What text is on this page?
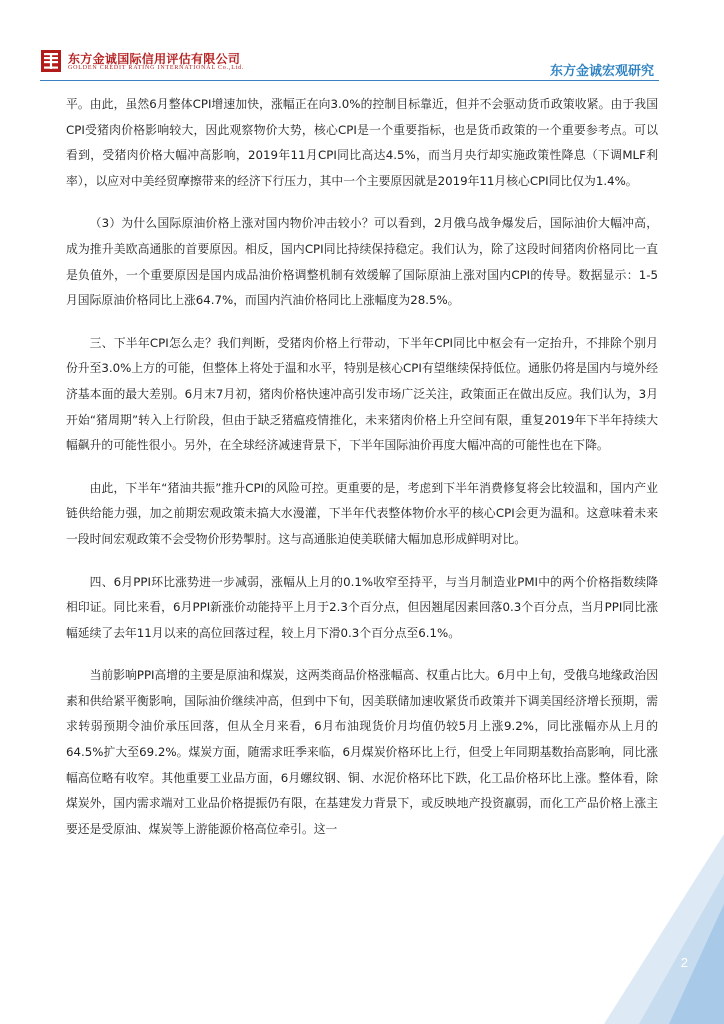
东方金诚国际信用评估有限公司
GOLDEN CREDIT RATING INTERNATIONAL Co.,Ltd.	东方金诚宏观研究

平。由此，虽然6月整体CPI增速加快，涨幅正在向3.0%的控制目标靠近，但并不会驱动货币政策收紧。由于我国CPI受猪肉价格影响较大，因此观察物价大势，核心CPI是一个重要指标，也是货币政策的一个重要参考点。可以看到，受猪肉价格大幅冲高影响，2019年11月CPI同比高达4.5%，而当月央行却实施政策性降息（下调MLF利率），以应对中美经贸摩擦带来的经济下行压力，其中一个主要原因就是2019年11月核心CPI同比仅为1.4%。

（3）为什么国际原油价格上涨对国内物价冲击较小？可以看到，2月俄乌战争爆发后，国际油价大幅冲高，成为推升美欧高通胀的首要原因。相反，国内CPI同比持续保持稳定。我们认为，除了这段时间猪肉价格同比一直是负值外，一个重要原因是国内成品油价格调整机制有效缓解了国际原油上涨对国内CPI的传导。数据显示：1-5月国际原油价格同比上涨64.7%，而国内汽油价格同比上涨幅度为28.5%。

三、下半年CPI怎么走？我们判断，受猪肉价格上行带动，下半年CPI同比中枢会有一定抬升，不排除个别月份升至3.0%上方的可能，但整体上将处于温和水平，特别是核心CPI有望继续保持低位。通胀仍将是国内与境外经济基本面的最大差别。6月末7月初，猪肉价格快速冲高引发市场广泛关注，政策面正在做出反应。我们认为，3月开始“猪周期”转入上行阶段，但由于缺乏猪瘟疫情推化，未来猪肉价格上升空间有限，重复2019年下半年持续大幅飙升的可能性很小。另外，在全球经济减速背景下，下半年国际油价再度大幅冲高的可能性也在下降。

由此，下半年“猪油共振”推升CPI的风险可控。更重要的是，考虑到下半年消费修复将会比较温和，国内产业链供给能力强，加之前期宏观政策未搞大水漫灌，下半年代表整体物价水平的核心CPI会更为温和。这意味着未来一段时间宏观政策不会受物价形势掣肘。这与高通胀迫使美联储大幅加息形成鲜明对比。

四、6月PPI环比涨势进一步减弱，涨幅从上月的0.1%收窄至持平，与当月制造业PMI中的两个价格指数续降相印证。同比来看，6月PPI新涨价动能持平上月于2.3个百分点，但因翘尾因素回落0.3个百分点，当月PPI同比涨幅延续了去年11月以来的高位回落过程，较上月下滑0.3个百分点至6.1%。

当前影响PPI高增的主要是原油和煤炭，这两类商品价格涨幅高、权重占比大。6月中上旬，受俄乌地缘政治因素和供给紧平衡影响，国际油价继续冲高，但到中下旬，因美联储加速收紧货币政策并下调美国经济增长预期，需求转弱预期令油价承压回落，但从全月来看，6月布油现货价月均值仍较5月上涨9.2%，同比涨幅亦从上月的64.5%扩大至69.2%。煤炭方面，随需求旺季来临，6月煤炭价格环比上行，但受上年同期基数抬高影响，同比涨幅高位略有收窄。其他重要工业品方面，6月螺纹钢、铜、水泥价格环比下跌，化工品价格环比上涨。整体看，除煤炭外，国内需求端对工业品价格提振仍有限，在基建发力背景下，或反映地产投资羸弱，而化工产品价格上涨主要还是受原油、煤炭等上游能源价格高位牵引。这一

2
